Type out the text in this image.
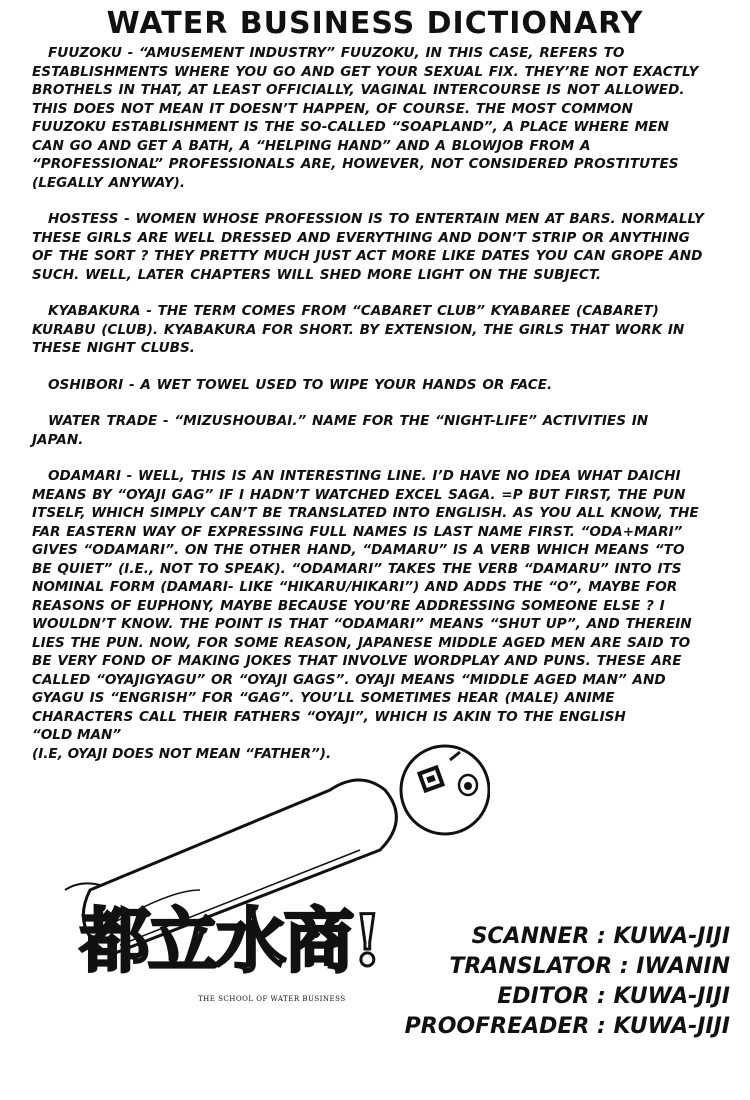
WATER BUSINESS DICTIONARY

FUUZOKU - “AMUSEMENT INDUSTRY” FUUZOKU, IN THIS CASE, REFERS TO ESTABLISHMENTS WHERE YOU GO AND GET YOUR SEXUAL FIX. THEY’RE NOT EXACTLY BROTHELS IN THAT, AT LEAST OFFICIALLY, VAGINAL INTERCOURSE IS NOT ALLOWED. THIS DOES NOT MEAN IT DOESN’T HAPPEN, OF COURSE. THE MOST COMMON FUUZOKU ESTABLISHMENT IS THE SO-CALLED “SOAPLAND”, A PLACE WHERE MEN CAN GO AND GET A BATH, A “HELPING HAND” AND A BLOWJOB FROM A “PROFESSIONAL” PROFESSIONALS ARE, HOWEVER, NOT CONSIDERED PROSTITUTES (LEGALLY ANYWAY).

HOSTESS - WOMEN WHOSE PROFESSION IS TO ENTERTAIN MEN AT BARS. NORMALLY THESE GIRLS ARE WELL DRESSED AND EVERYTHING AND DON’T STRIP OR ANYTHING OF THE SORT ? THEY PRETTY MUCH JUST ACT MORE LIKE DATES YOU CAN GROPE AND SUCH. WELL, LATER CHAPTERS WILL SHED MORE LIGHT ON THE SUBJECT.

KYABAKURA - THE TERM COMES FROM “CABARET CLUB” KYABAREE (CABARET) KURABU (CLUB). KYABAKURA FOR SHORT. BY EXTENSION, THE GIRLS THAT WORK IN THESE NIGHT CLUBS.

OSHIBORI - A WET TOWEL USED TO WIPE YOUR HANDS OR FACE.

WATER TRADE - “MIZUSHOUBAI.” NAME FOR THE “NIGHT-LIFE” ACTIVITIES IN JAPAN.

ODAMARI - WELL, THIS IS AN INTERESTING LINE. I’D HAVE NO IDEA WHAT DAICHI MEANS BY “OYAJI GAG” IF I HADN’T WATCHED EXCEL SAGA. =P BUT FIRST, THE PUN ITSELF, WHICH SIMPLY CAN’T BE TRANSLATED INTO ENGLISH. AS YOU ALL KNOW, THE FAR EASTERN WAY OF EXPRESSING FULL NAMES IS LAST NAME FIRST. “ODA+MARI” GIVES “ODAMARI”. ON THE OTHER HAND, “DAMARU” IS A VERB WHICH MEANS “TO BE QUIET” (I.E., NOT TO SPEAK). “ODAMARI” TAKES THE VERB “DAMARU” INTO ITS NOMINAL FORM (DAMARI- LIKE “HIKARU/HIKARI”) AND ADDS THE “O”, MAYBE FOR REASONS OF EUPHONY, MAYBE BECAUSE YOU’RE ADDRESSING SOMEONE ELSE ? I WOULDN’T KNOW. THE POINT IS THAT “ODAMARI” MEANS “SHUT UP”, AND THEREIN LIES THE PUN. NOW, FOR SOME REASON, JAPANESE MIDDLE AGED MEN ARE SAID TO BE VERY FOND OF MAKING JOKES THAT INVOLVE WORDPLAY AND PUNS. THESE ARE CALLED “OYAJIGYAGU” OR “OYAJI GAGS”. OYAJI MEANS “MIDDLE AGED MAN” AND GYAGU IS “ENGRISH” FOR “GAG”. YOU’LL SOMETIMES HEAR (MALE) ANIME CHARACTERS CALL THEIR FATHERS “OYAJI”, WHICH IS AKIN TO THE ENGLISH

“OLD MAN”
(I.E, OYAJI DOES NOT MEAN “FATHER”).
都立水商!
THE SCHOOL OF WATER BUSINESS
SCANNER : KUWA-JIJI
TRANSLATOR : IWANIN
EDITOR : KUWA-JIJI
PROOFREADER : KUWA-JIJI
